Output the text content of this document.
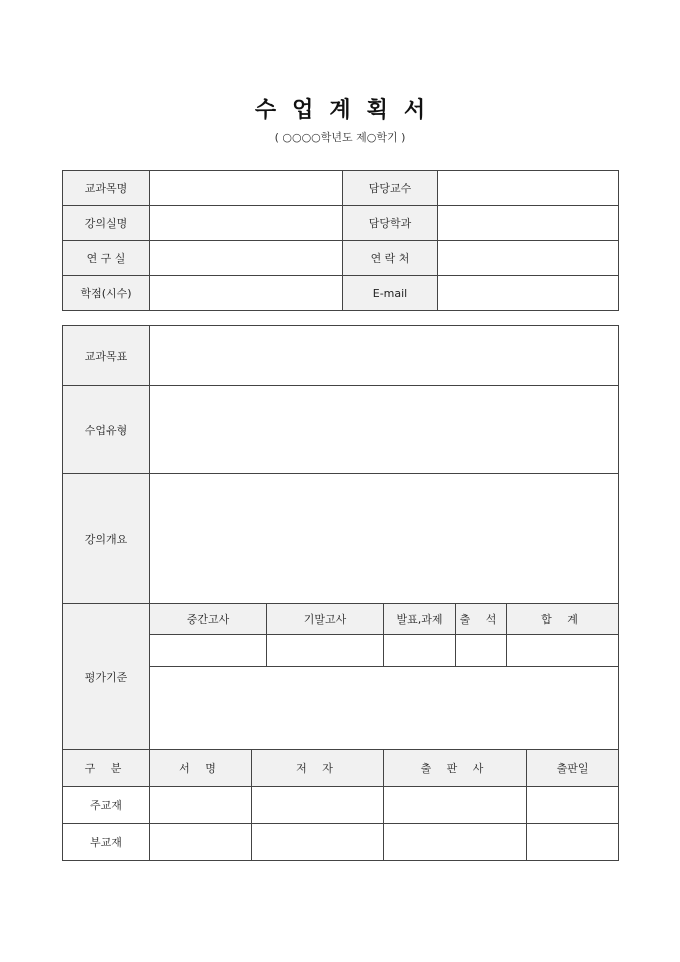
수업계획서
( ○○○○학년도 제○학기 )
교과목명		담당교수	
강의실명		담당학과	
연 구 실		연 락 처	
학점(시수)		E-mail	
교과목표							
수업유형							
강의개요							
평가기준	중간고사		기말고사	발표,과제	출 석	합 계	

구 분	서 명	저 자		출 판 사			출판일
주교재							
부교재							
